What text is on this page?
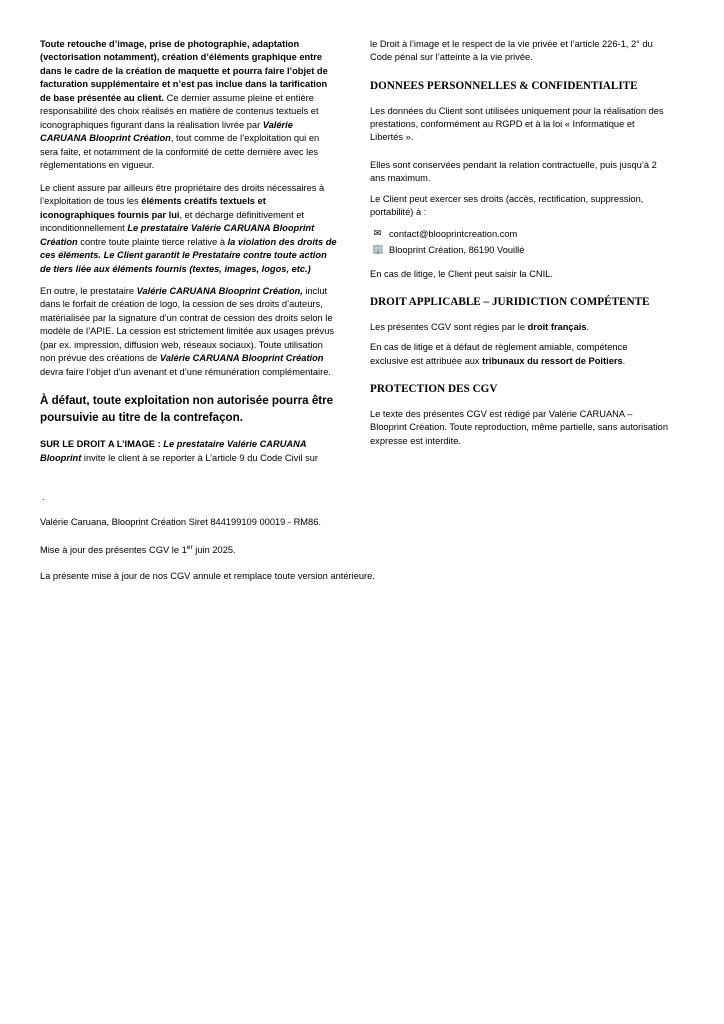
Toute retouche d’image, prise de photographie, adaptation (vectorisation notamment), création d’éléments graphique entre dans le cadre de la création de maquette et pourra faire l’objet de facturation supplémentaire et n’est pas inclue dans la tarification de base présentée au client. Ce dernier assume pleine et entière responsabilité des choix réalisés en matière de contenus textuels et iconographiques figurant dans la réalisation livrée par Valérie CARUANA Blooprint Création, tout comme de l’exploitation qui en sera faite, et notamment de la conformité de cette dernière avec les réglementations en vigueur.

Le client assure par ailleurs être propriétaire des droits nécessaires à l’exploitation de tous les éléments créatifs textuels et iconographiques fournis par lui, et décharge définitivement et inconditionnellement Le prestataire Valérie CARUANA Blooprint Création contre toute plainte tierce relative à la violation des droits de ces éléments. Le Client garantit le Prestataire contre toute action de tiers liée aux éléments fournis (textes, images, logos, etc.)

En outre, le prestataire Valérie CARUANA Blooprint Création, inclut dans le forfait de création de logo, la cession de ses droits d’auteurs, matérialisée par la signature d’un contrat de cession des droits selon le modèle de l’APIE. La cession est strictement limitée aux usages prévus (par ex. impression, diffusion web, réseaux sociaux). Toute utilisation non prévue des créations de Valérie CARUANA Blooprint Création devra faire l’objet d’un avenant et d’une rémunération complémentaire.

À défaut, toute exploitation non autorisée pourra être poursuivie au titre de la contrefaçon.

SUR LE DROIT A L’IMAGE : Le prestataire Valérie CARUANA Blooprint invite le client à se reporter à L’article 9 du Code Civil sur

le Droit à l’image et le respect de la vie privée et l’article 226-1, 2° du Code pénal sur l’atteinte à la vie privée.

DONNEES PERSONNELLES & CONFIDENTIALITE

Les données du Client sont utilisées uniquement pour la réalisation des prestations, conformément au RGPD et à la loi « Informatique et Libertés ».

Elles sont conservées pendant la relation contractuelle, puis jusqu’à 2 ans maximum.

Le Client peut exercer ses droits (accès, rectification, suppression, portabilité) à :

✉ contact@blooprintcreation.com
🏢 Blooprint Création, 86190 Vouillé

En cas de litige, le Client peut saisir la CNIL.

DROIT APPLICABLE – JURIDICTION COMPÉTENTE

Les présentes CGV sont régies par le droit français.

En cas de litige et à défaut de règlement amiable, compétence exclusive est attribuée aux tribunaux du ressort de Poitiers.

PROTECTION DES CGV

Le texte des présentes CGV est rédigé par Valérie CARUANA – Blooprint Création. Toute reproduction, même partielle, sans autorisation expresse est interdite.

.

Valérie Caruana, Blooprint Création Siret 844199109 00019 - RM86.

Mise à jour des présentes CGV le 1er juin 2025.

La présente mise à jour de nos CGV annule et remplace toute version antérieure.
